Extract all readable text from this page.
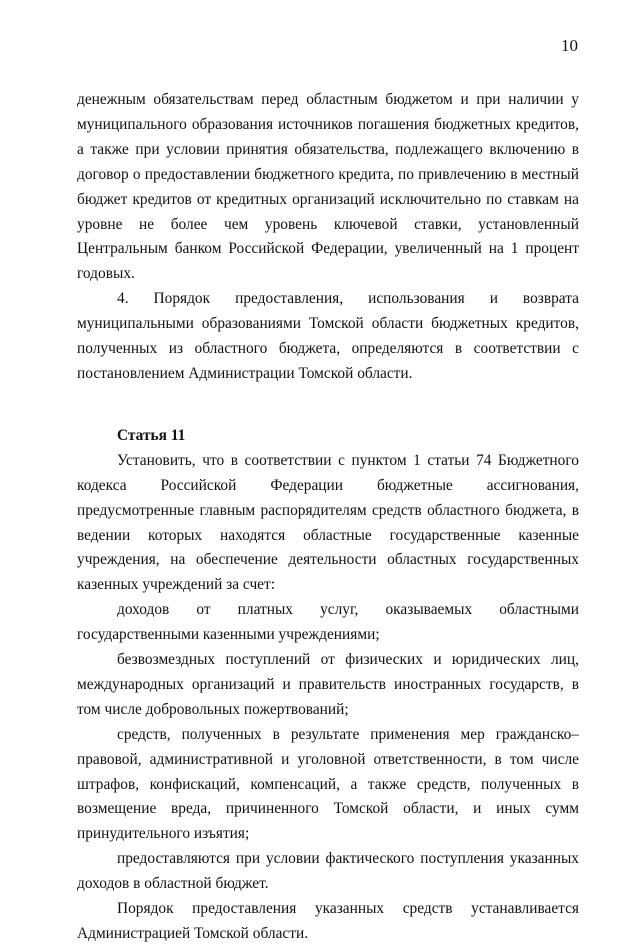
10

денежным обязательствам перед областным бюджетом и при наличии у муниципального образования источников погашения бюджетных кредитов, а также при условии принятия обязательства, подлежащего включению в договор о предоставлении бюджетного кредита, по привлечению в местный бюджет кредитов от кредитных организаций исключительно по ставкам на уровне не более чем уровень ключевой ставки, установленный Центральным банком Российской Федерации, увеличенный на 1 процент годовых.

4. Порядок предоставления, использования и возврата муниципальными образованиями Томской области бюджетных кредитов, полученных из областного бюджета, определяются в соответствии с постановлением Администрации Томской области.

Статья 11

Установить, что в соответствии с пунктом 1 статьи 74 Бюджетного кодекса Российской Федерации бюджетные ассигнования, предусмотренные главным распорядителям средств областного бюджета, в ведении которых находятся областные государственные казенные учреждения, на обеспечение деятельности областных государственных казенных учреждений за счет:

доходов от платных услуг, оказываемых областными государственными казенными учреждениями;

безвозмездных поступлений от физических и юридических лиц, международных организаций и правительств иностранных государств, в том числе добровольных пожертвований;

средств, полученных в результате применения мер гражданско–правовой, административной и уголовной ответственности, в том числе штрафов, конфискаций, компенсаций, а также средств, полученных в возмещение вреда, причиненного Томской области, и иных сумм принудительного изъятия;

предоставляются при условии фактического поступления указанных доходов в областной бюджет.

Порядок предоставления указанных средств устанавливается Администрацией Томской области.
